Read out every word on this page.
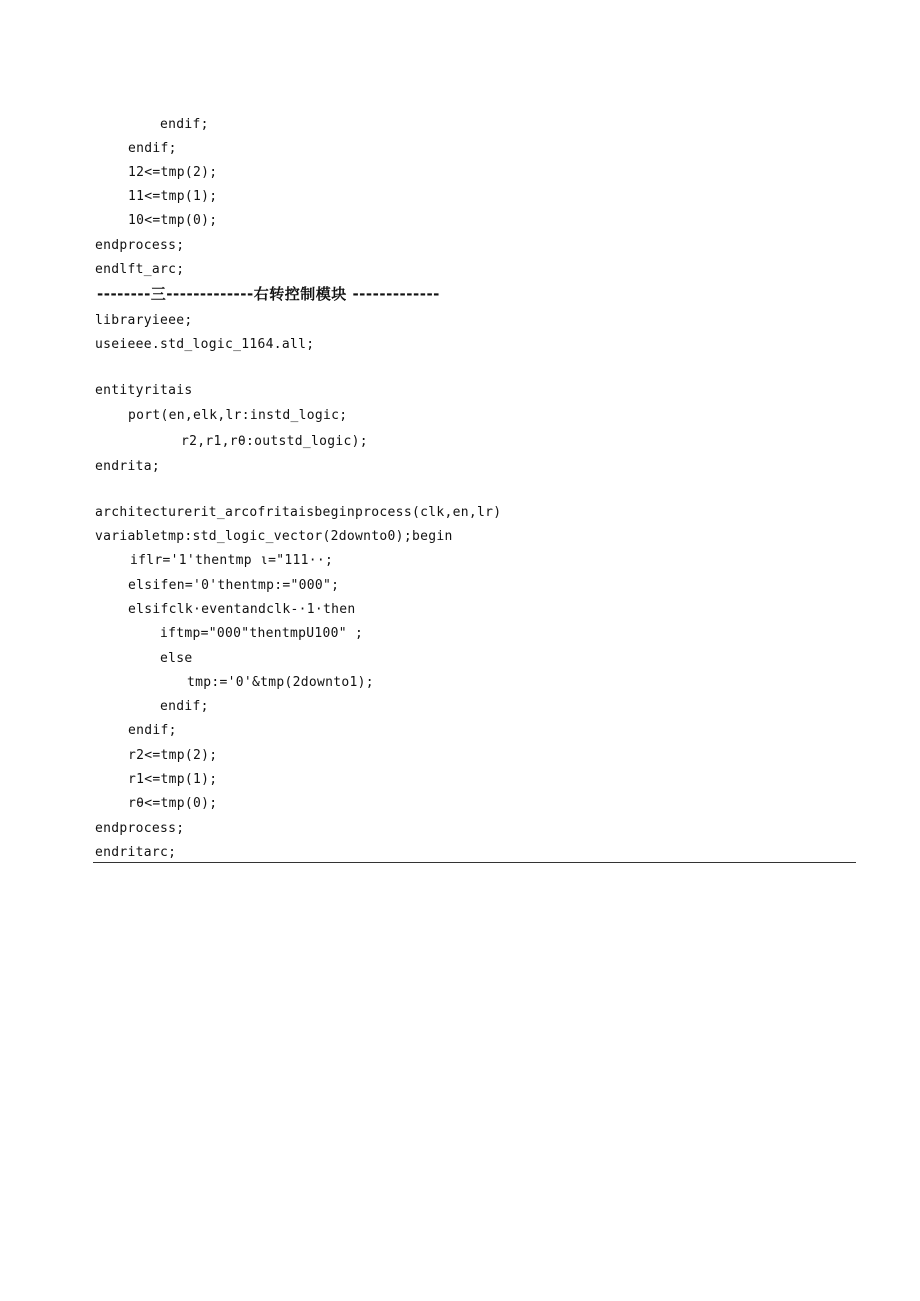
endif;
endif;
12<=tmp(2);
11<=tmp(1);
10<=tmp(0);
endprocess;
endlft_arc;
--------三-------------右转控制模块 -------------
libraryieee;
useieee.std_logic_1164.all;
entityritais
port(en,elk,lr:instd_logic;
r2,r1,rθ:outstd_logic);
endrita;
architecturerit_arcofritaisbeginprocess(clk,en,lr)
variabletmp:std_logic_vector(2downto0);begin
iflr='1'thentmp ι="111··;
elsifen='0'thentmp:="000";
elsifclk·eventandclk-·1·then
iftmp="000"thentmpU100" ;
else
tmp:='0'&tmp(2downto1);
endif;
endif;
r2<=tmp(2);
r1<=tmp(1);
rθ<=tmp(0);
endprocess;
endritarc;
